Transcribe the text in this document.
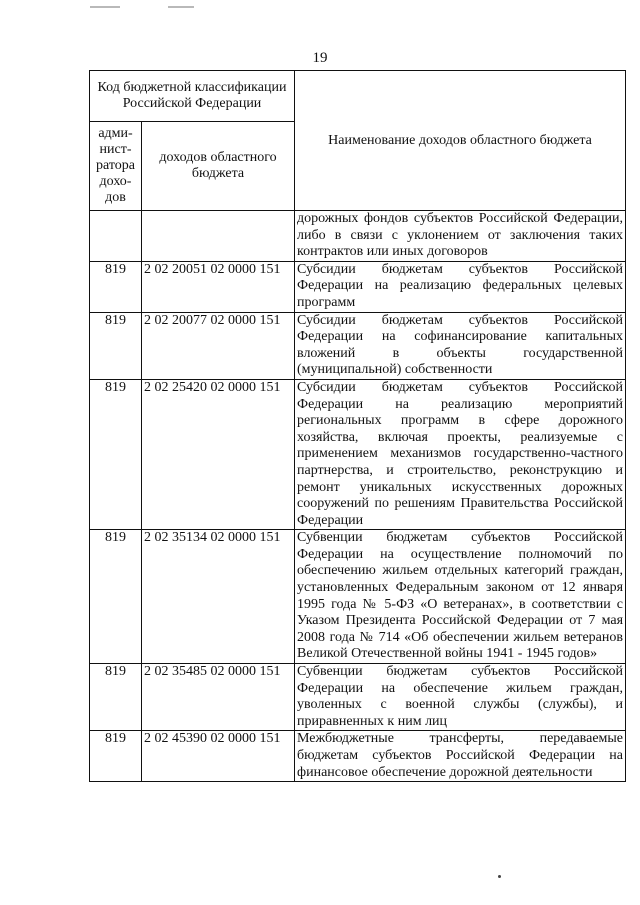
19
Код бюджетной классификации Российской Федерации		Наименование доходов областного бюджета
адми-нист-ратора дохо-дов	доходов областного бюджета	
		дорожных фондов субъектов Российской Федерации, либо в связи с уклонением от заключения таких контрактов или иных договоров
819	2 02 20051 02 0000 151	Субсидии бюджетам субъектов Российской Федерации на реализацию федеральных целевых программ
819	2 02 20077 02 0000 151	Субсидии бюджетам субъектов Российской Федерации на софинансирование капитальных вложений в объекты государственной (муниципальной) собственности
819	2 02 25420 02 0000 151	Субсидии бюджетам субъектов Российской Федерации на реализацию мероприятий региональных программ в сфере дорожного хозяйства, включая проекты, реализуемые с применением механизмов государственно-частного партнерства, и строительство, реконструкцию и ремонт уникальных искусственных дорожных сооружений по решениям Правительства Российской Федерации
819	2 02 35134 02 0000 151	Субвенции бюджетам субъектов Российской Федерации на осуществление полномочий по обеспечению жильем отдельных категорий граждан, установленных Федеральным законом от 12 января 1995 года № 5-ФЗ «О ветеранах», в соответствии с Указом Президента Российской Федерации от 7 мая 2008 года № 714 «Об обеспечении жильем ветеранов Великой Отечественной войны 1941 - 1945 годов»
819	2 02 35485 02 0000 151	Субвенции бюджетам субъектов Российской Федерации на обеспечение жильем граждан, уволенных с военной службы (службы), и приравненных к ним лиц
819	2 02 45390 02 0000 151	Межбюджетные трансферты, передаваемые бюджетам субъектов Российской Федерации на финансовое обеспечение дорожной деятельности
